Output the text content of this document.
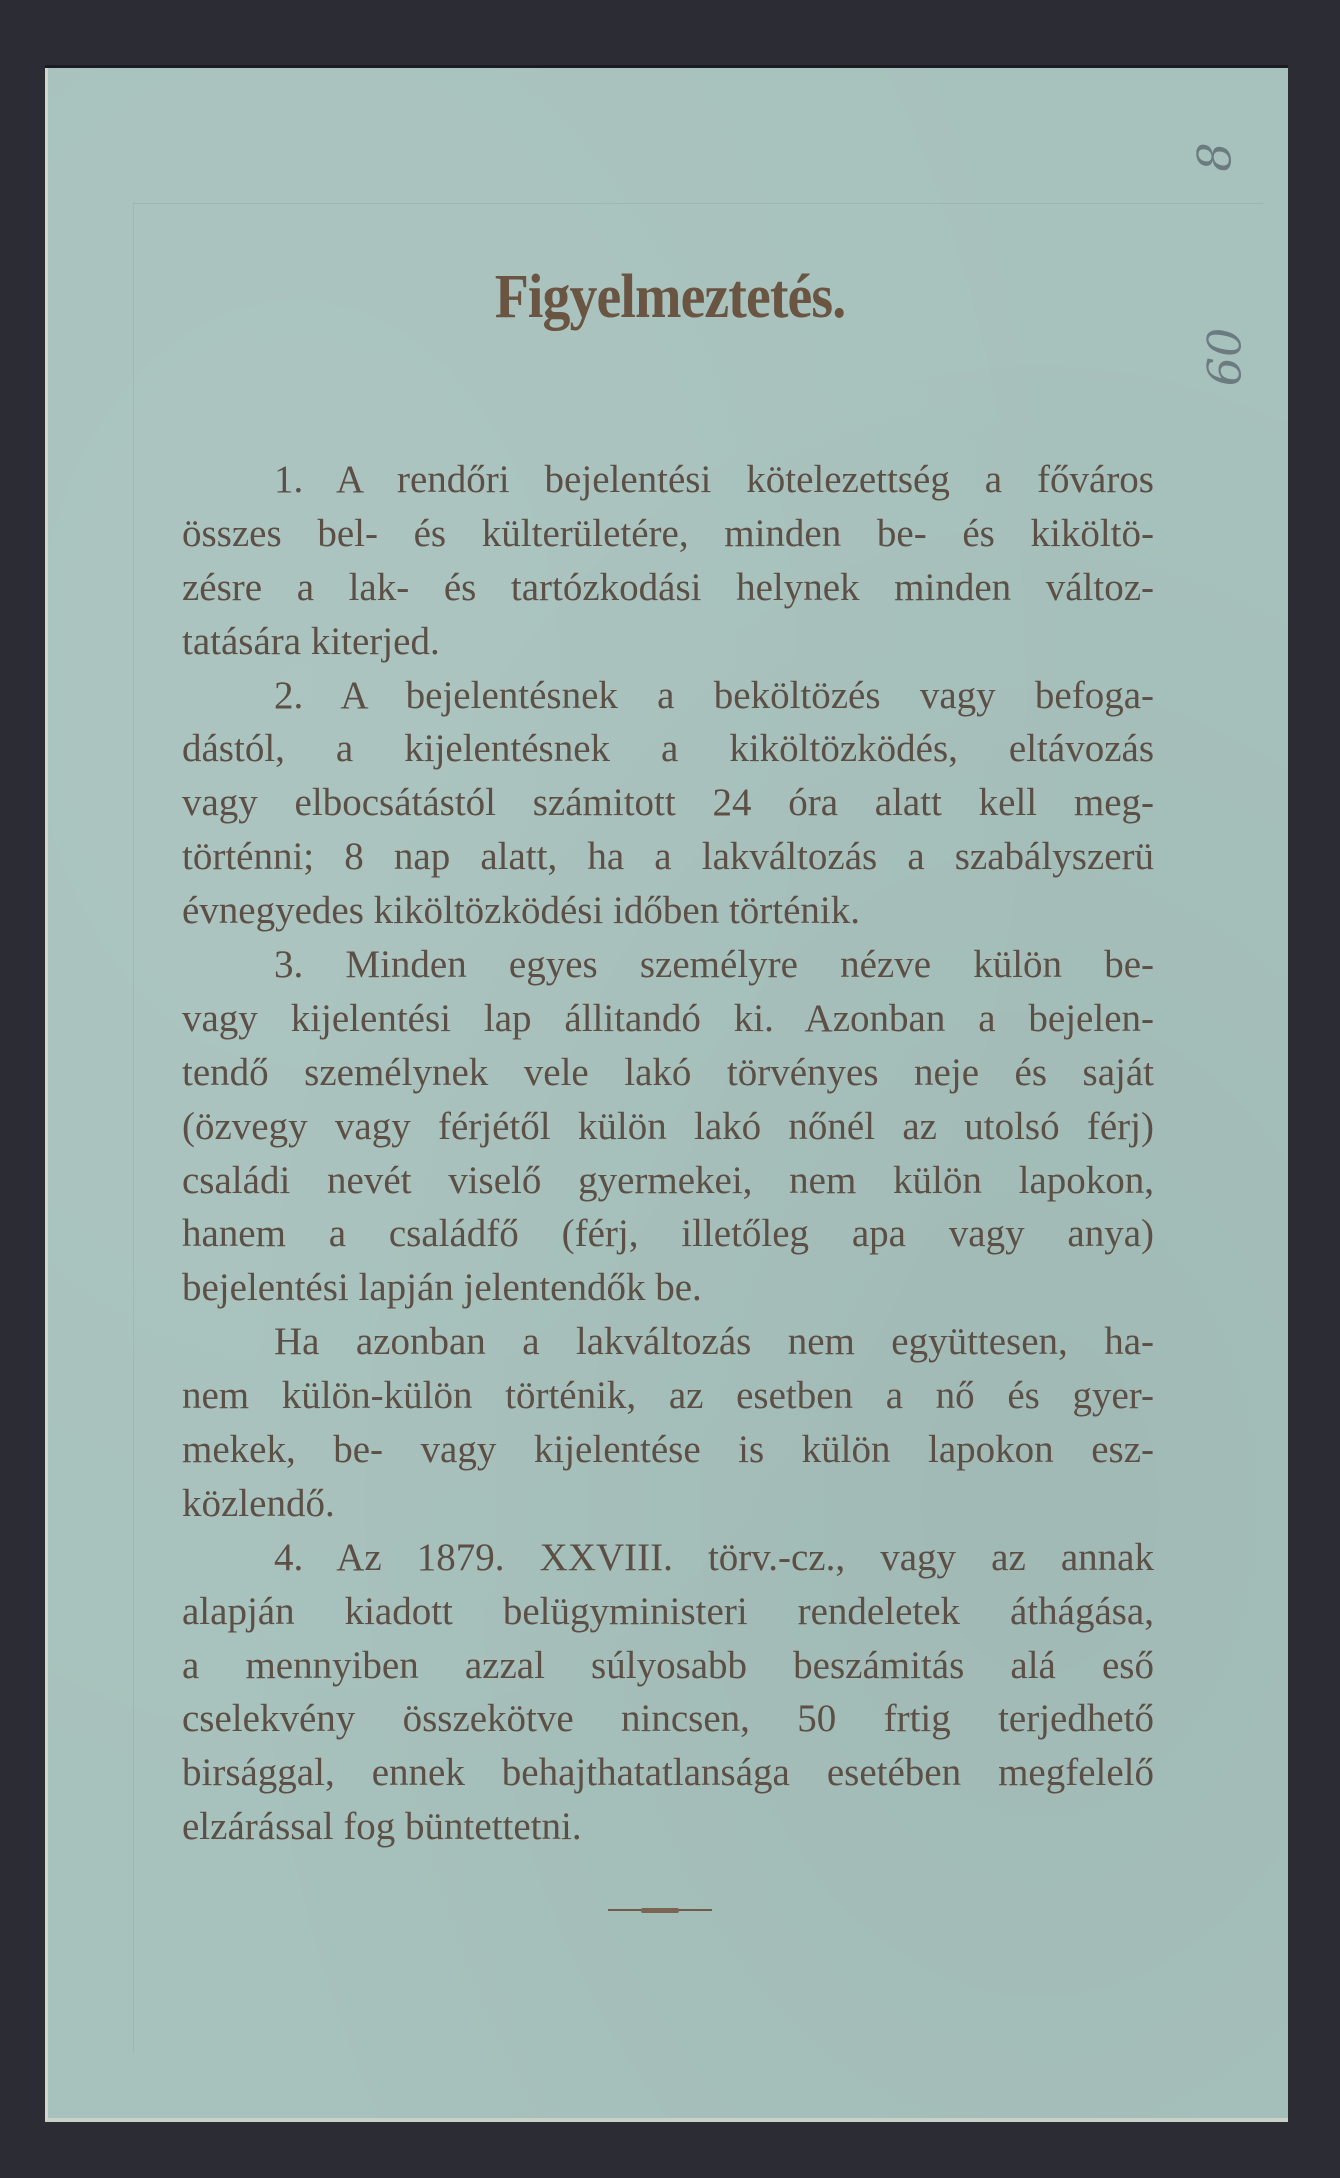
8
60
Figyelmeztetés.
1. A rendőri bejelentési kötelezettség a főváros
összes bel- és külterületére, minden be- és kiköltö-
zésre a lak- és tartózkodási helynek minden változ-
tatására kiterjed.
2. A bejelentésnek a beköltözés vagy befoga-
dástól, a kijelentésnek a kiköltözködés, eltávozás
vagy elbocsátástól számitott 24 óra alatt kell meg-
történni; 8 nap alatt, ha a lakváltozás a szabályszerü
évnegyedes kiköltözködési időben történik.
3. Minden egyes személyre nézve külön be-
vagy kijelentési lap állitandó ki. Azonban a bejelen-
tendő személynek vele lakó törvényes neje és saját
(özvegy vagy férjétől külön lakó nőnél az utolsó férj)
családi nevét viselő gyermekei, nem külön lapokon,
hanem a családfő (férj, illetőleg apa vagy anya)
bejelentési lapján jelentendők be.
Ha azonban a lakváltozás nem együttesen, ha-
nem külön-külön történik, az esetben a nő és gyer-
mekek, be- vagy kijelentése is külön lapokon esz-
közlendő.
4. Az 1879. XXVIII. törv.-cz., vagy az annak
alapján kiadott belügyministeri rendeletek áthágása,
a mennyiben azzal súlyosabb beszámitás alá eső
cselekvény összekötve nincsen, 50 frtig terjedhető
birsággal, ennek behajthatatlansága esetében megfelelő
elzárással fog büntettetni.
